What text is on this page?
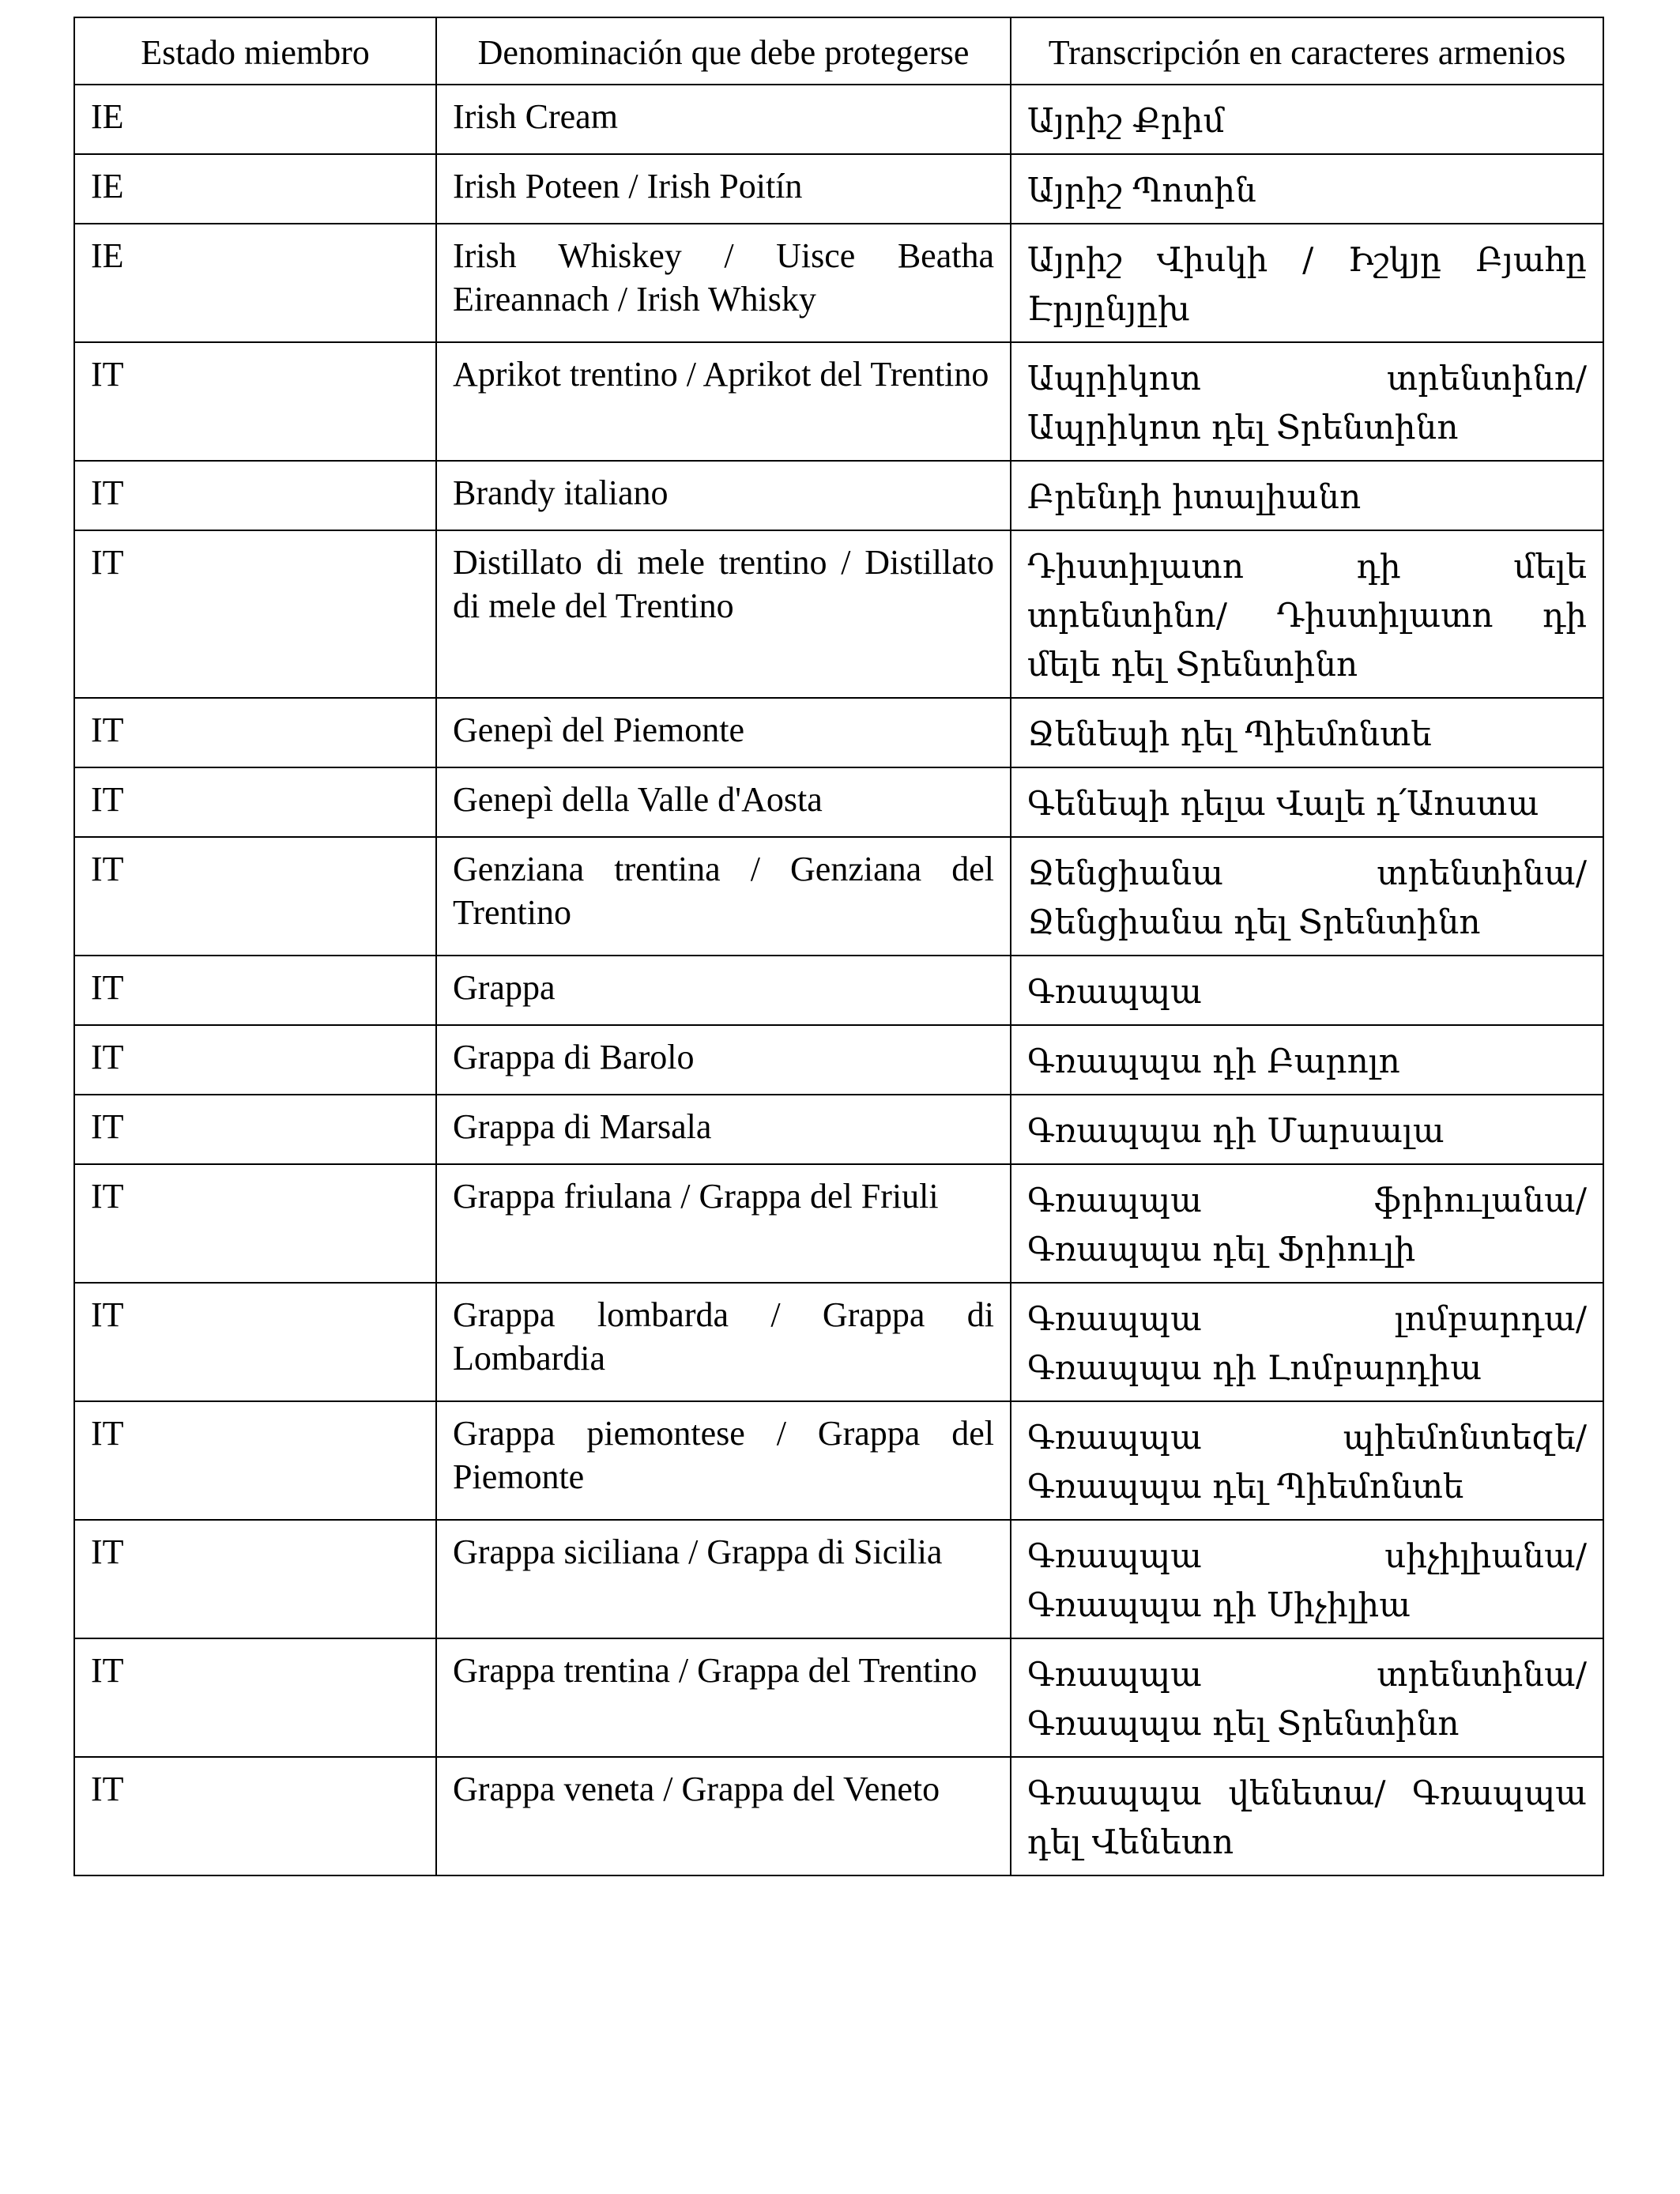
Estado miembro	Denominación que debe protegerse	Transcripción en caracteres armenios
IE	Irish Cream	Այրիշ Քրիմ
IE	Irish Poteen / Irish Poitín	Այրիշ Պոտին
IE	Irish Whiskey / Uisce Beatha Eireannach / Irish Whisky	Այրիշ Վիսկի / Իշկյը Բյահը Էրյընյըխ
IT	Aprikot trentino / Aprikot del Trentino	Ապրիկոտ տրենտինո/ Ապրիկոտ դել Տրենտինո
IT	Brandy italiano	Բրենդի իտալիանո
IT	Distillato di mele trentino / Distillato di mele del Trentino	Դիստիլատո դի մելե տրենտինո/ Դիստիլատո դի մելե դել Տրենտինո
IT	Genepì del Piemonte	Ջենեպի դել Պիեմոնտե
IT	Genepì della Valle d'Aosta	Գենեպի դելա Վալե դ՛Աոստա
IT	Genziana trentina / Genziana del Trentino	Ջենցիանա տրենտինա/ Ջենցիանա դել Տրենտինո
IT	Grappa	Գռապպա
IT	Grappa di Barolo	Գռապպա դի Բարոլո
IT	Grappa di Marsala	Գռապպա դի Մարսալա
IT	Grappa friulana / Grappa del Friuli	Գռապպա ֆրիուլանա/ Գռապպա դել Ֆրիուլի
IT	Grappa lombarda / Grappa di Lombardia	Գռապպա լոմբարդա/ Գռապպա դի Լոմբարդիա
IT	Grappa piemontese / Grappa del Piemonte	Գռապպա պիեմոնտեզե/ Գռապպա դել Պիեմոնտե
IT	Grappa siciliana / Grappa di Sicilia	Գռապպա սիչիլիանա/ Գռապպա դի Սիչիլիա
IT	Grappa trentina / Grappa del Trentino	Գռապպա տրենտինա/ Գռապպա դել Տրենտինո
IT	Grappa veneta / Grappa del Veneto	Գռապպա վենետա/ Գռապպա դել Վենետո
